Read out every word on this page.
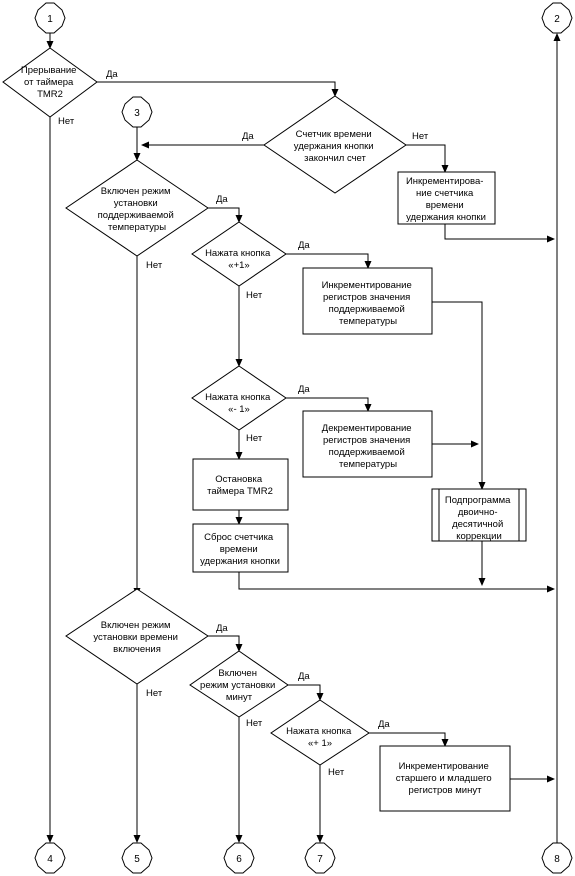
1	2
3
4	5	6	7	8
Прерывание от таймера TMR2
Счетчик времени удержания кнопки закончил счет
Включен режим установки поддерживаемой температуры
Нажата кнопка «+1»
Нажата кнопка «- 1»
Включен режим установки времени включения
Включен режим установки минут
Нажата кнопка «+ 1»
Инкрементирова- ние счетчика времени удержания кнопки
Инкрементирование регистров значения поддерживаемой температуры
Декрементирование регистров значения поддерживаемой температуры
Остановка таймера TMR2
Сброс счетчика времени удержания кнопки
Подпрограмма двоично- десятичной коррекции
Инкрементирование старшего и младшего регистров минут
Да
Нет
Да	Нет
Да
Нет
Да
Нет
Да
Нет
Да
Нет
Да
Нет	Да
Нет
